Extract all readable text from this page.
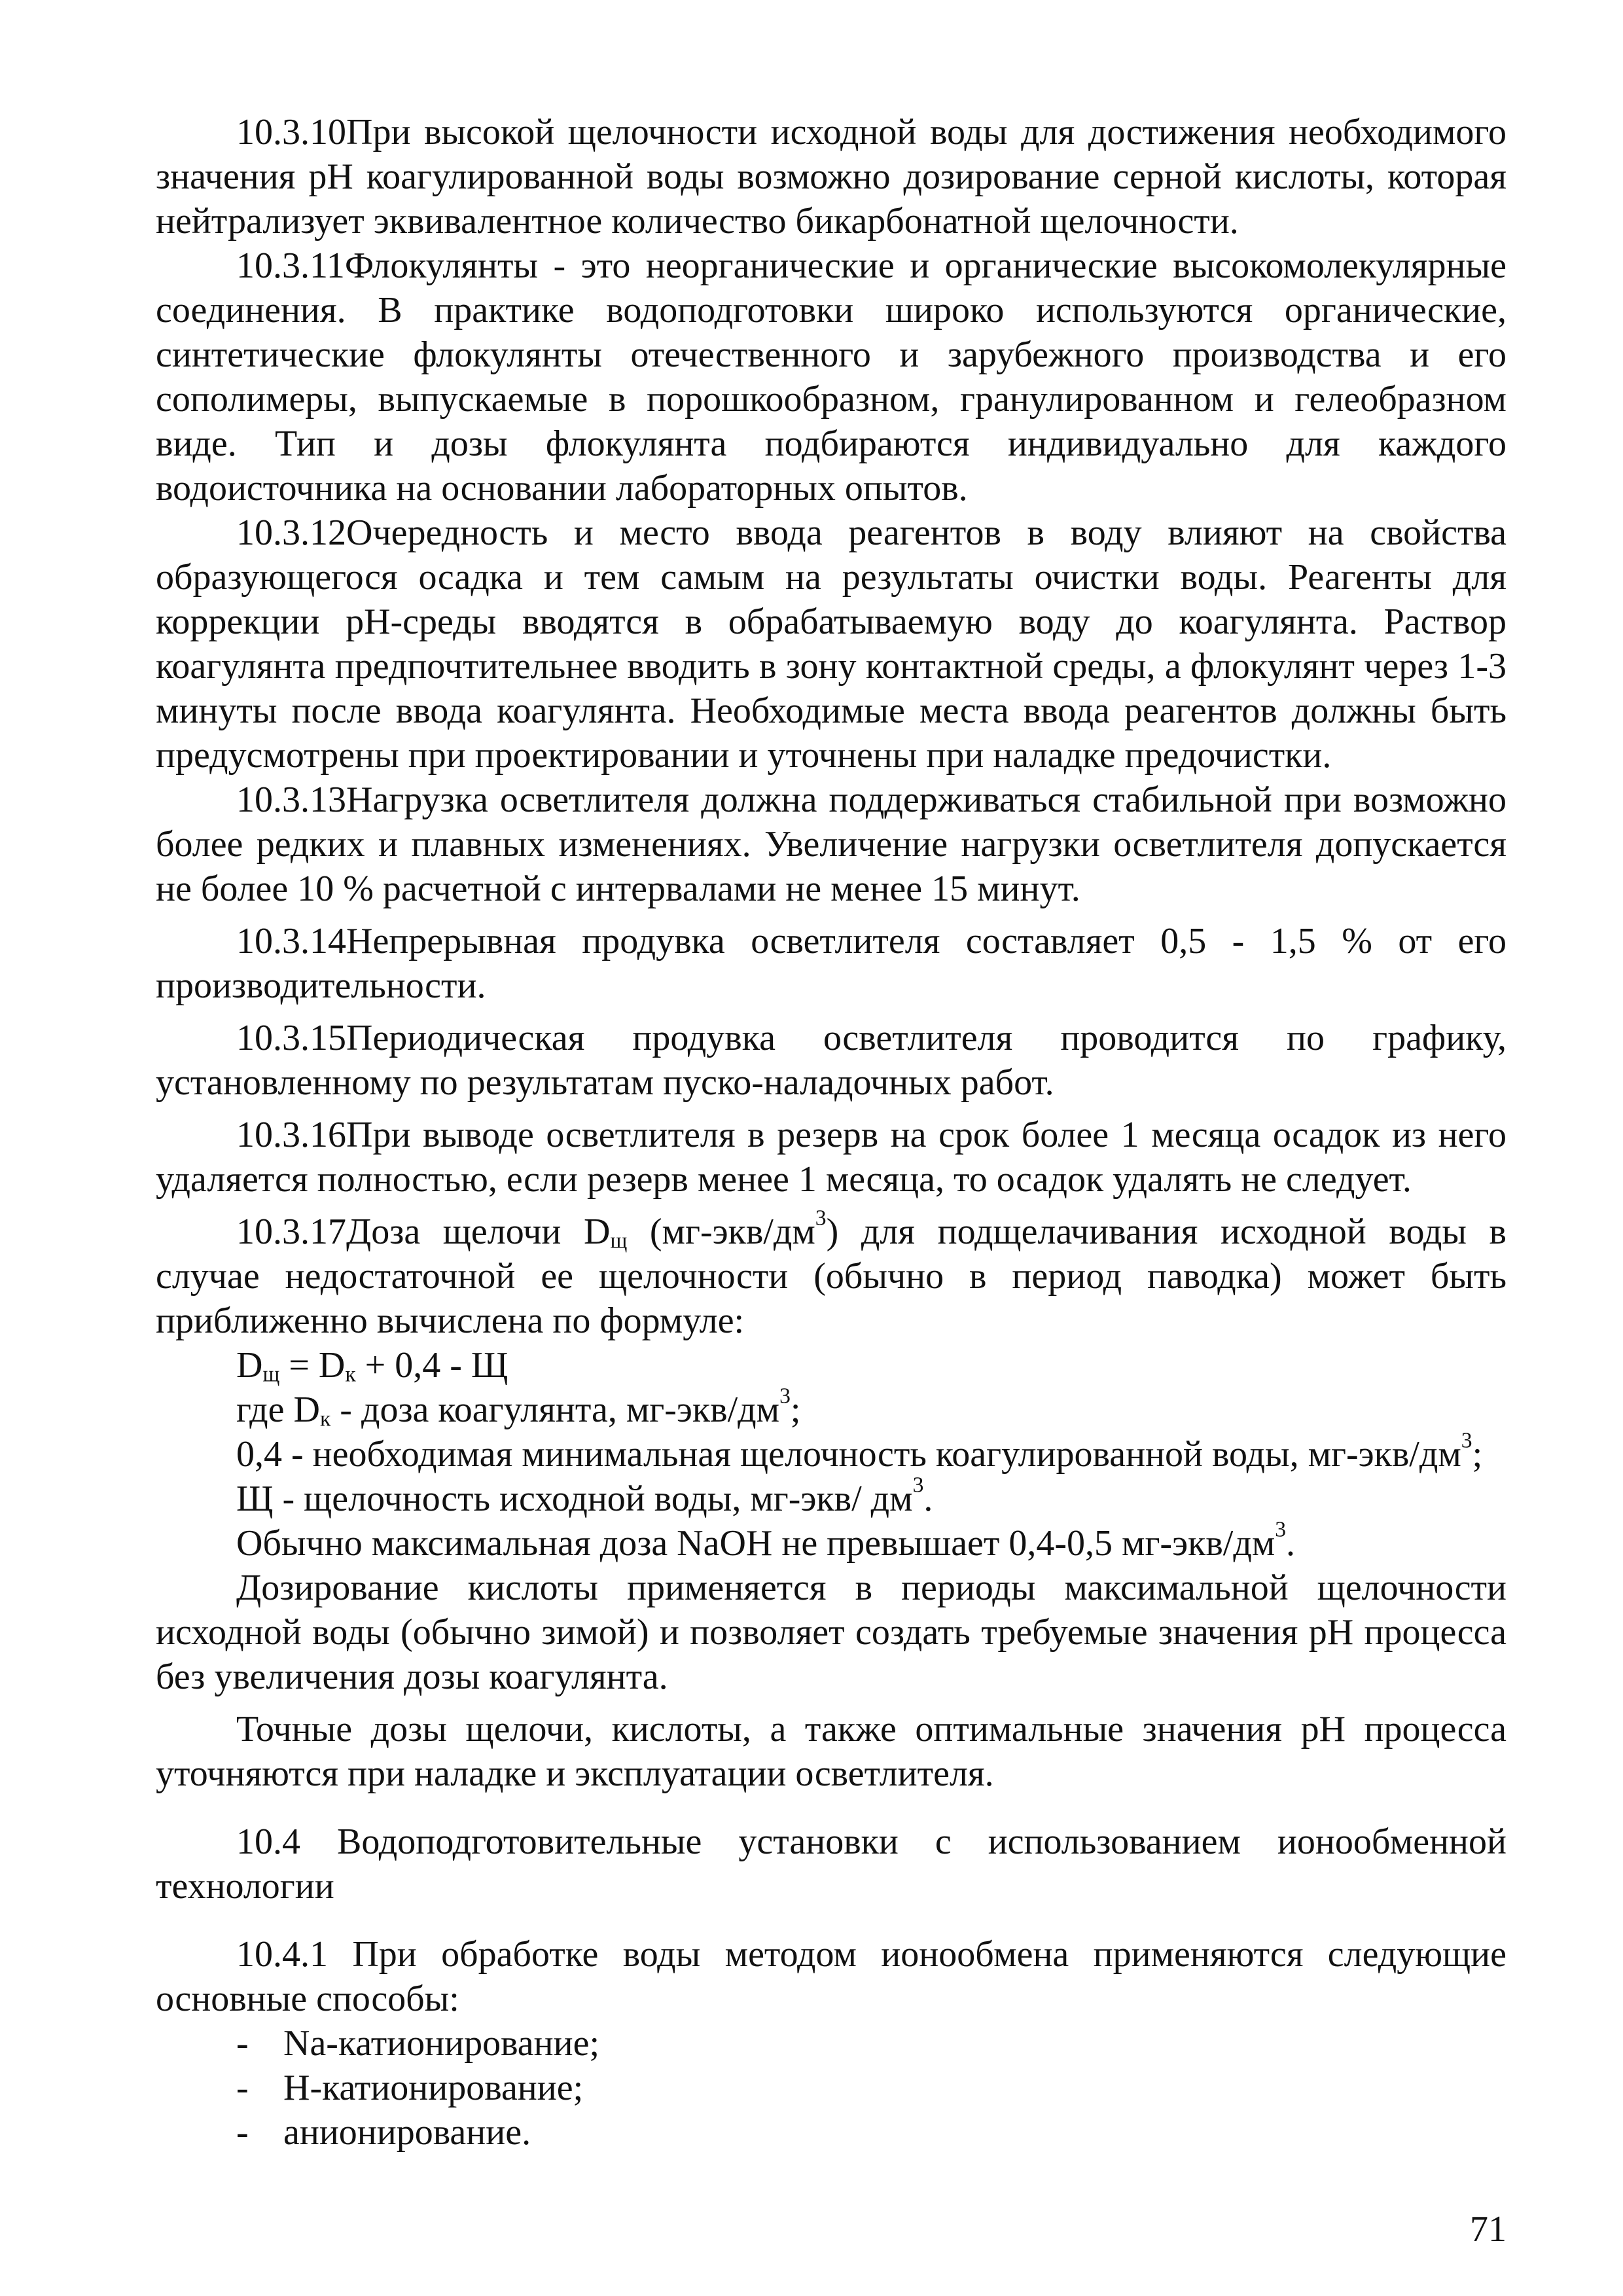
10.3.10При высокой щелочности исходной воды для достижения необходимого значения pH коагулированной воды возможно дозирование серной кислоты, которая нейтрализует эквивалентное количество бикарбонатной щелочности.

10.3.11Флокулянты - это неорганические и органические высокомолекулярные соединения. В практике водоподготовки широко используются органические, синтетические флокулянты отечественного и зарубежного производства и его сополимеры, выпускаемые в порошкообразном, гранулированном и гелеобразном виде. Тип и дозы флокулянта подбираются индивидуально для каждого водоисточника на основании лабораторных опытов.

10.3.12Очередность и место ввода реагентов в воду влияют на свойства образующегося осадка и тем самым на результаты очистки воды. Реагенты для коррекции pH-среды вводятся в обрабатываемую воду до коагулянта. Раствор коагулянта предпочтительнее вводить в зону контактной среды, а флокулянт через 1-3 минуты после ввода коагулянта. Необходимые места ввода реагентов должны быть предусмотрены при проектировании и уточнены при наладке предочистки.

10.3.13Нагрузка осветлителя должна поддерживаться стабильной при возможно более редких и плавных изменениях. Увеличение нагрузки осветлителя допускается не более 10 % расчетной с интервалами не менее 15 минут.

10.3.14Непрерывная продувка осветлителя составляет 0,5 - 1,5 % от его производительности.

10.3.15Периодическая продувка осветлителя проводится по графику, установленному по результатам пуско-наладочных работ.

10.3.16При выводе осветлителя в резерв на срок более 1 месяца осадок из него удаляется полностью, если резерв менее 1 месяца, то осадок удалять не следует.

10.3.17Доза щелочи $D_щ$ $(мг-экв/дм^3)$ для подщелачивания исходной воды в случае недостаточной ее щелочности (обычно в период паводка) может быть приближенно вычислена по формуле:

$D_щ = D_к + 0,4 - Щ$

где $D_к$ - доза коагулянта, $мг-экв/дм^3$;

0,4 - необходимая минимальная щелочность коагулированной воды, $мг-экв/дм^3$;

Щ - щелочность исходной воды, мг-экв/ $дм^3$.

Обычно максимальная доза NaOH не превышает 0,4-0,5 $мг-экв/дм^3$.

Дозирование кислоты применяется в периоды максимальной щелочности исходной воды (обычно зимой) и позволяет создать требуемые значения pH процесса без увеличения дозы коагулянта.

Точные дозы щелочи, кислоты, а также оптимальные значения pH процесса уточняются при наладке и эксплуатации осветлителя.

10.4 Водоподготовительные установки с использованием ионообменной технологии

10.4.1 При обработке воды методом ионообмена применяются следующие основные способы:

- Na-катионирование;
- Н-катионирование;
- анионирование.
71
